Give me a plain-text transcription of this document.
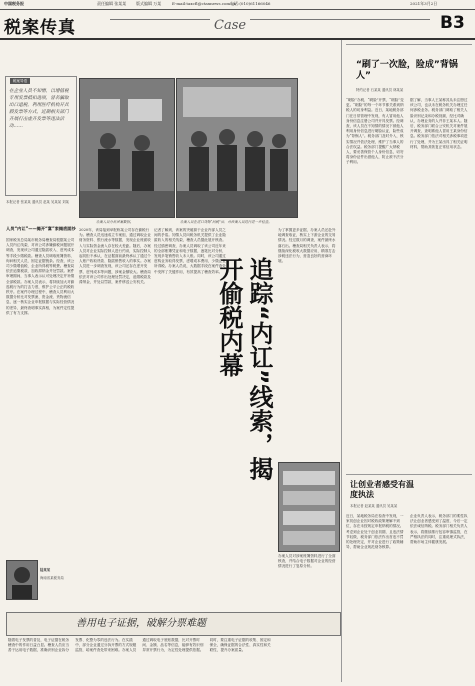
中国税务报	责任编辑 张某某 版式编辑 万某	E-mail:taxcfl@ctaxnews.com.cn
电话:(010)61166046	2021年3月2日
税案传真	Case	B3
税案导语
在企业人员不知情，以增值税专用发票抵扣进项，冒名骗取出口退税，利用医疗机构开具假发票等方式，近期相关部门开展打击虚开发票等违法活动……
办案人员分析涉案数据。	办案人员在进口货物“问税”后，对涉案人员进行进一步检查。
本报记者 张某某 通讯员 赵某 吴某某 刘某
人员“内讧”——揭开“富”家揭底面纱
国家税务总局某市税务局稽查局根据某公司人员内讧线索，对该公司涉嫌偷税问题展开调查，发现该公司通过隐匿收入、虚列成本等手段少缴税款。稽查人员调取账簿资料、询问相关人员，固定证据链条。经查，该公司少缴增值税、企业所得税等税费。稽查局依法追缴税款、加收滞纳金并处罚款。案件审理期间，当事人表示认可处理决定并补缴全部税款。办案人员表示，将持续加大对偷逃税行为的打击力度，维护公平公正的税收秩序。在案件办理过程中，稽查人员利用大数据分析比对发票流、资金流、货物流信息，逐一核实企业申报数据与实际经营情况的差异，最终查明事实真相，为案件定性提供了有力支撑。
2020年，该局接到举报称某公司存在偷税行为。稽查人员迅速成立专案组，通过调取企业财务资料、银行流水等数据，发现企业账面收入与实际资金流入存在较大差距。随后，办案人员对企业实际控制人进行约谈，实际控制人起初拒不承认，在证据面前最终承认了通过个人账户收取货款、隐匿销售收入的事实。办案人员进一步调查发现，该公司还存在虚开发票、虚列成本等问题，涉案金额较大。稽查局依法对该公司作出处理处罚决定，追缴税款及滞纳金，并处以罚款，案件移送公安机关。
记者了解到，该案的突破源于企业内部人员之间的矛盾。知情人员向税务机关提供了企业隐匿收入的相关线索，稽查人员据此展开核查。经过缜密调查，办案人员调取了该公司近年来的全部账簿凭证和电子数据，逐笔比对分析，发现多笔销售收入未入账。同时，该公司通过虚构业务取得发票，虚增成本费用，少缴企业所得税。办案人员说，大数据手段在案件查处中发挥了关键作用，有效提高了稽查效率。 追踪“内讧”线索，揭开偷税内幕
为了掌握更多证据，办案人员还赴外地调查取证，核实上下游企业的交易情况。经过数月的调查，案件最终水落石出。稽查局相关负责人表示，将继续深化税收大数据应用，精准打击涉税违法行为，营造良好的营商环境。
办案人员对涉案账簿资料进行了全面核查，并结合电子数据对企业的经营情况进行了复原分析。
陆某某
海南省某税务局
善用电子证据，破解分票难题
随着电子发票的普及，电子证据在税务稽查中的作用日益凸显。稽查人员应当善于运用电子数据，准确识别企业拆分发票、化整为零的违法行为。在实践中，部分企业通过分拆开票的方式规避监管，给案件查处带来困难。办案人员通过调取电子底账数据，比对开票时间、金额、品名等信息，能够有效识别异常开票行为，为定性处理提供依据。同时，要注重电子证据的收集、固定和保全，确保证据的合法性、真实性和关联性，提升办案质量。
“刷了一次脸，险成”背锅人”
特约记者 石某某 通讯员 林某某
“刷脸”办税、“刷脸”开票，“刷脸”变更。“刷脸”的每一个环节都关系到纳税人的切身利益。近日，某地税务部门在日常管理中发现，有人冒用他人身份信息注册公司并开具发票。经调查，该人员在不知情的情况下被他人利用身份信息进行刷脸认证，险些成为“背锅人”。税务部门及时介入，核实情况并依法处理，维护了当事人的合法权益。税务部门提醒广大纳税人，要妥善保管个人身份信息，切勿将身份证件出借他人，防止被不法分子利用。
据了解，当事人王某称其从未注册过该公司，也从未在税务机关办理过任何涉税业务。税务部门调取了相关人脸识别记录和办税视频，经比对确认，办理业务的人并非王某本人。随后，税务部门联合公安机关对案件展开调查，查明系他人冒用王某身份信息。税务部门依法对相关涉税事项进行了处理，并为王某出具了相关证明材料，帮助其恢复正常信用状态。
让创业者感受有温度执法
本报记者 赵某某 通讯员 吴某某
近日，某地税务局在检查中发现，一家初创企业因对税收政策理解不到位，存在未按规定申报纳税的情况。考虑到企业处于创业初期，且违法情节轻微，税务部门依法作出首违不罚的处理决定，并对企业进行了政策辅导，帮助企业规范财务核算。
企业负责人表示，税务部门的柔性执法让创业者感受到了温度，今后一定依法诚信纳税。税务部门相关负责人表示，将继续推行包容审慎监管，在严格执法的同时，注重说理式执法，帮助市场主体健康发展。
